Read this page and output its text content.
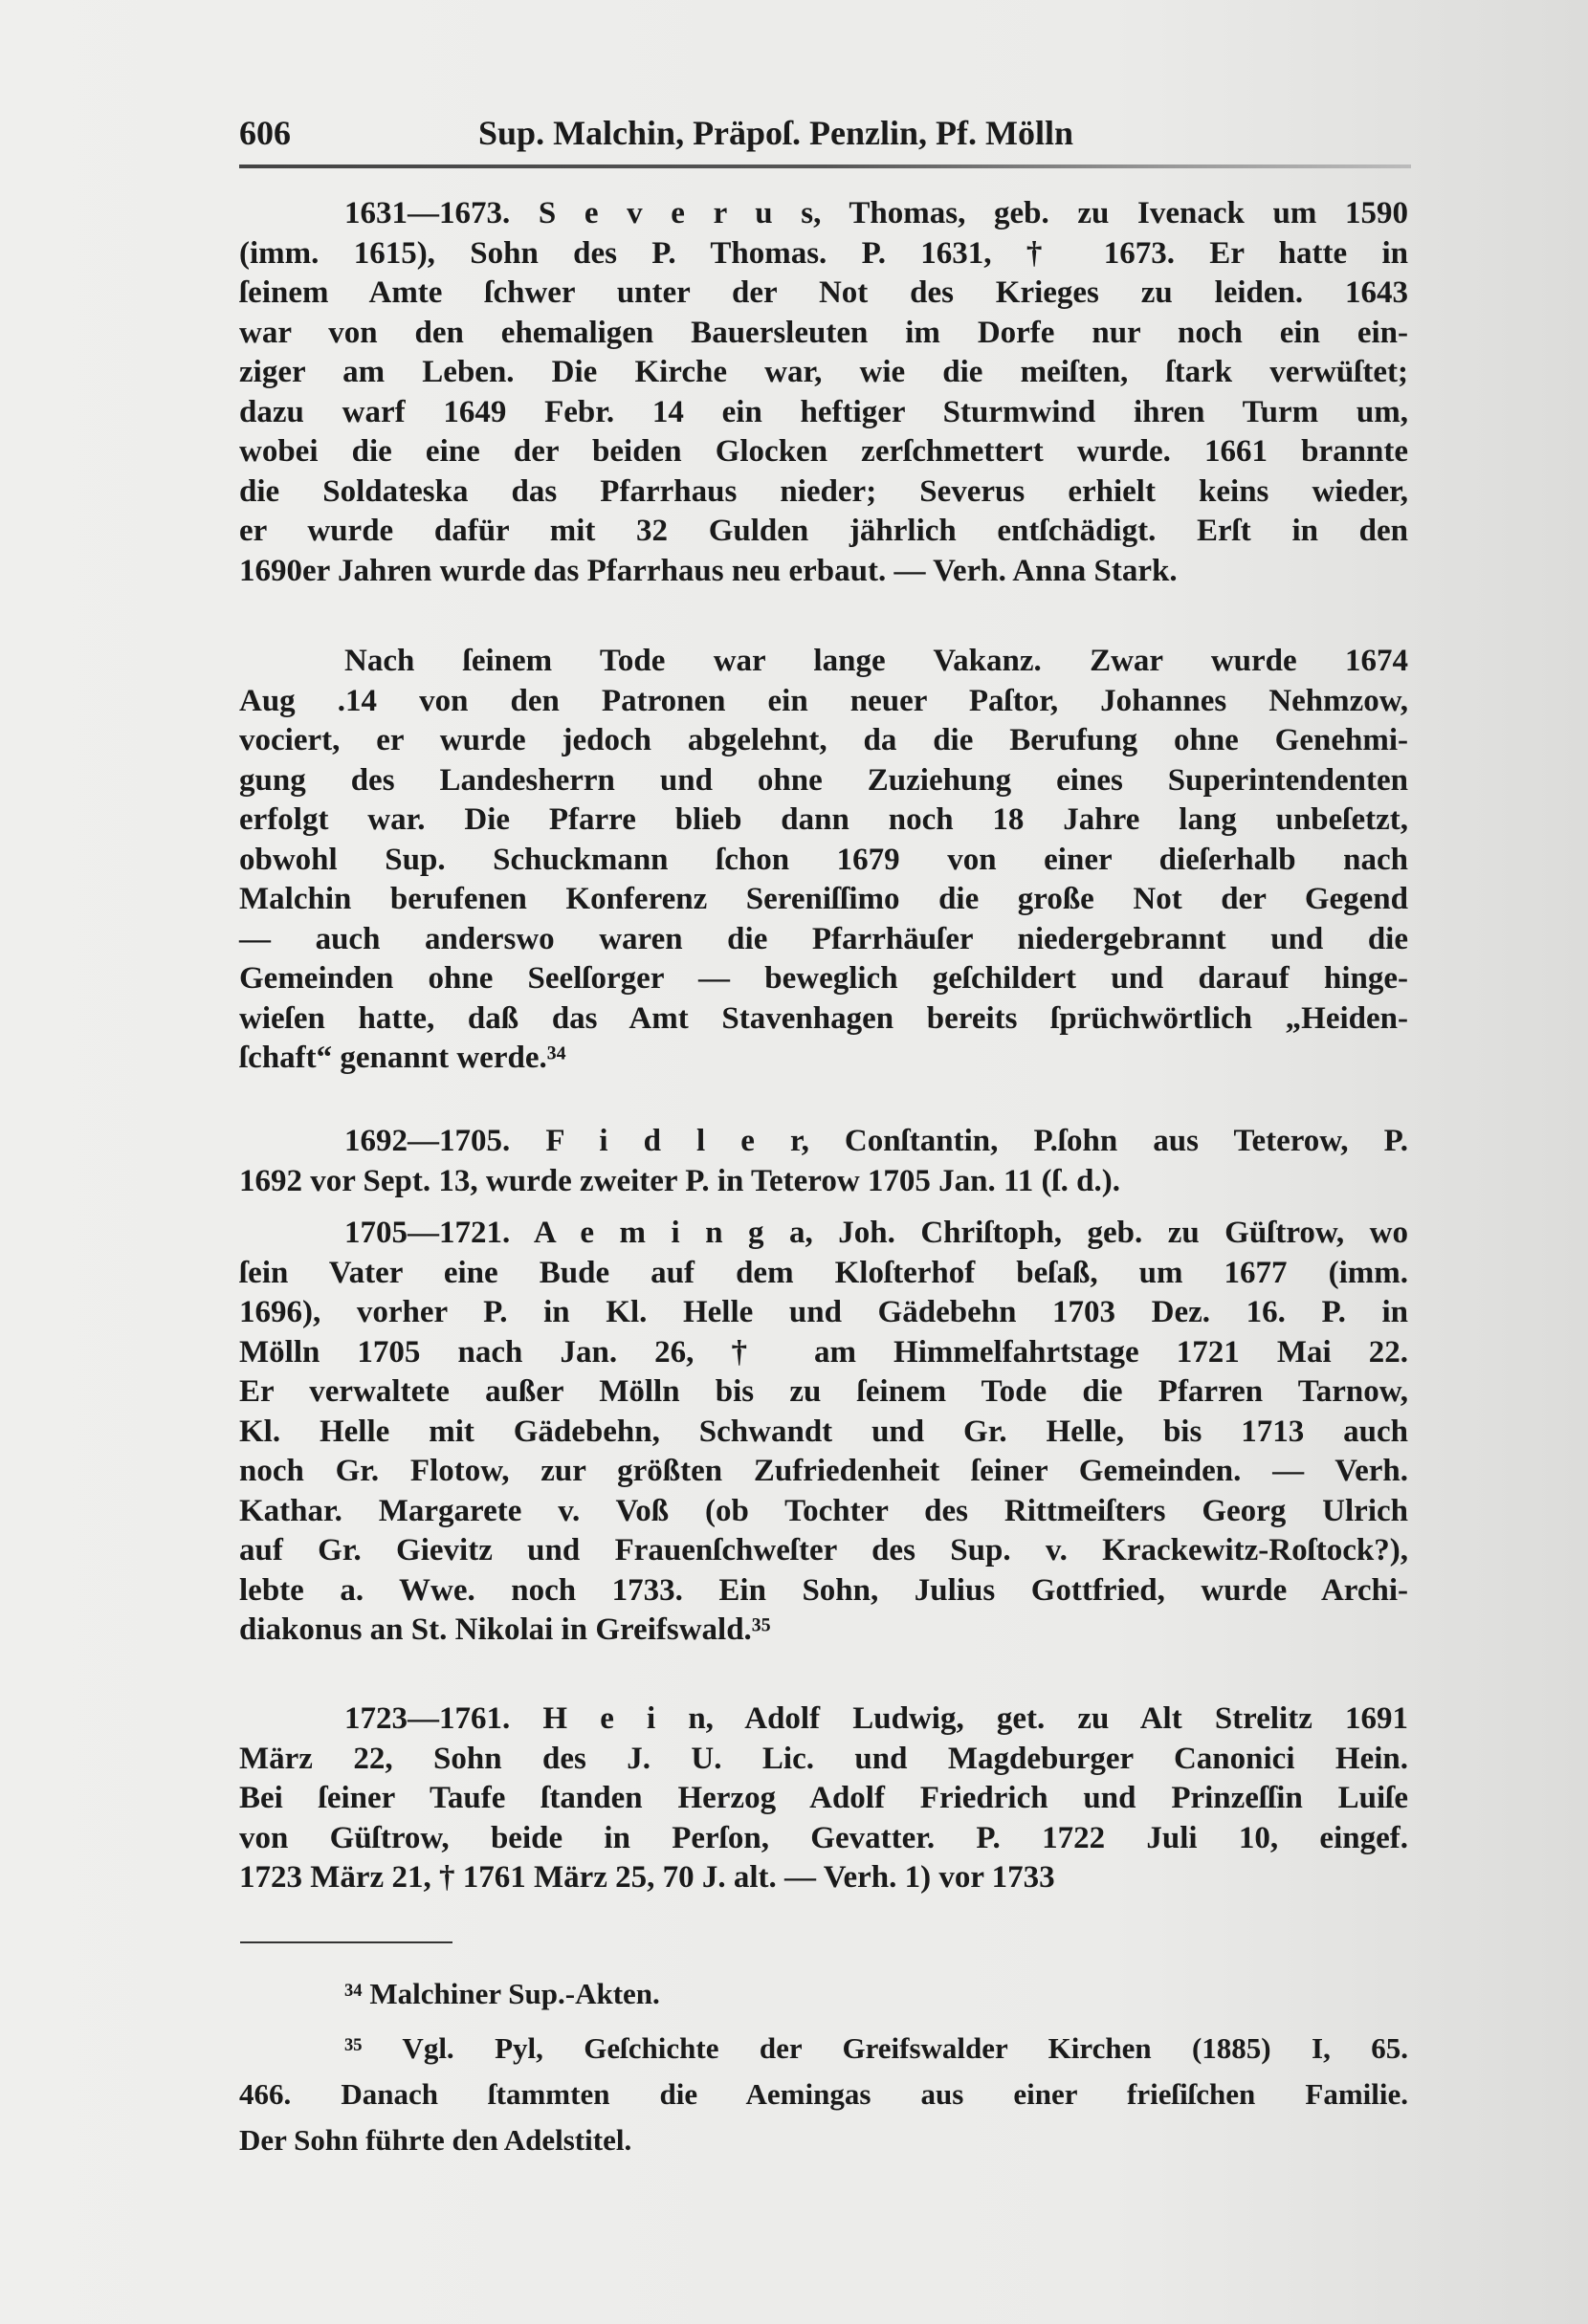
606	Sup. Malchin, Präpoſ. Penzlin, Pf. Mölln
1631—1673. S e v e r u s, Thomas, geb. zu Ivenack um 1590
(imm. 1615), Sohn des P. Thomas. P. 1631, † 1673. Er hatte in
ſeinem Amte ſchwer unter der Not des Krieges zu leiden. 1643
war von den ehemaligen Bauersleuten im Dorfe nur noch ein ein-
ziger am Leben. Die Kirche war, wie die meiſten, ſtark verwüſtet;
dazu warf 1649 Febr. 14 ein heftiger Sturmwind ihren Turm um,
wobei die eine der beiden Glocken zerſchmettert wurde. 1661 brannte
die Soldateska das Pfarrhaus nieder; Severus erhielt keins wieder,
er wurde dafür mit 32 Gulden jährlich entſchädigt. Erſt in den
1690er Jahren wurde das Pfarrhaus neu erbaut. — Verh. Anna Stark.
Nach ſeinem Tode war lange Vakanz. Zwar wurde 1674
Aug .14 von den Patronen ein neuer Paſtor, Johannes Nehmzow,
vociert, er wurde jedoch abgelehnt, da die Berufung ohne Genehmi-
gung des Landesherrn und ohne Zuziehung eines Superintendenten
erfolgt war. Die Pfarre blieb dann noch 18 Jahre lang unbeſetzt,
obwohl Sup. Schuckmann ſchon 1679 von einer dieſerhalb nach
Malchin berufenen Konferenz Sereniſſimo die große Not der Gegend
— auch anderswo waren die Pfarrhäuſer niedergebrannt und die
Gemeinden ohne Seelſorger — beweglich geſchildert und darauf hinge-
wieſen hatte, daß das Amt Stavenhagen bereits ſprüchwörtlich „Heiden-
ſchaft“ genannt werde.³⁴
1692—1705. F i d l e r, Conſtantin, P.ſohn aus Teterow, P.
1692 vor Sept. 13, wurde zweiter P. in Teterow 1705 Jan. 11 (ſ. d.).
1705—1721. A e m i n g a, Joh. Chriſtoph, geb. zu Güſtrow, wo
ſein Vater eine Bude auf dem Kloſterhof beſaß, um 1677 (imm.
1696), vorher P. in Kl. Helle und Gädebehn 1703 Dez. 16. P. in
Mölln 1705 nach Jan. 26, † am Himmelfahrtstage 1721 Mai 22.
Er verwaltete außer Mölln bis zu ſeinem Tode die Pfarren Tarnow,
Kl. Helle mit Gädebehn, Schwandt und Gr. Helle, bis 1713 auch
noch Gr. Flotow, zur größten Zufriedenheit ſeiner Gemeinden. — Verh.
Kathar. Margarete v. Voß (ob Tochter des Rittmeiſters Georg Ulrich
auf Gr. Gievitz und Frauenſchweſter des Sup. v. Krackewitz-Roſtock?),
lebte a. Wwe. noch 1733. Ein Sohn, Julius Gottfried, wurde Archi-
diakonus an St. Nikolai in Greifswald.³⁵
1723—1761. H e i n, Adolf Ludwig, get. zu Alt Strelitz 1691
März 22, Sohn des J. U. Lic. und Magdeburger Canonici Hein.
Bei ſeiner Taufe ſtanden Herzog Adolf Friedrich und Prinzeſſin Luiſe
von Güſtrow, beide in Perſon, Gevatter. P. 1722 Juli 10, eingef.
1723 März 21, † 1761 März 25, 70 J. alt. — Verh. 1) vor 1733
³⁴ Malchiner Sup.-Akten.
³⁵ Vgl. Pyl, Geſchichte der Greifswalder Kirchen (1885) I, 65.
466. Danach ſtammten die Aemingas aus einer frieſiſchen Familie.
Der Sohn führte den Adelstitel.
